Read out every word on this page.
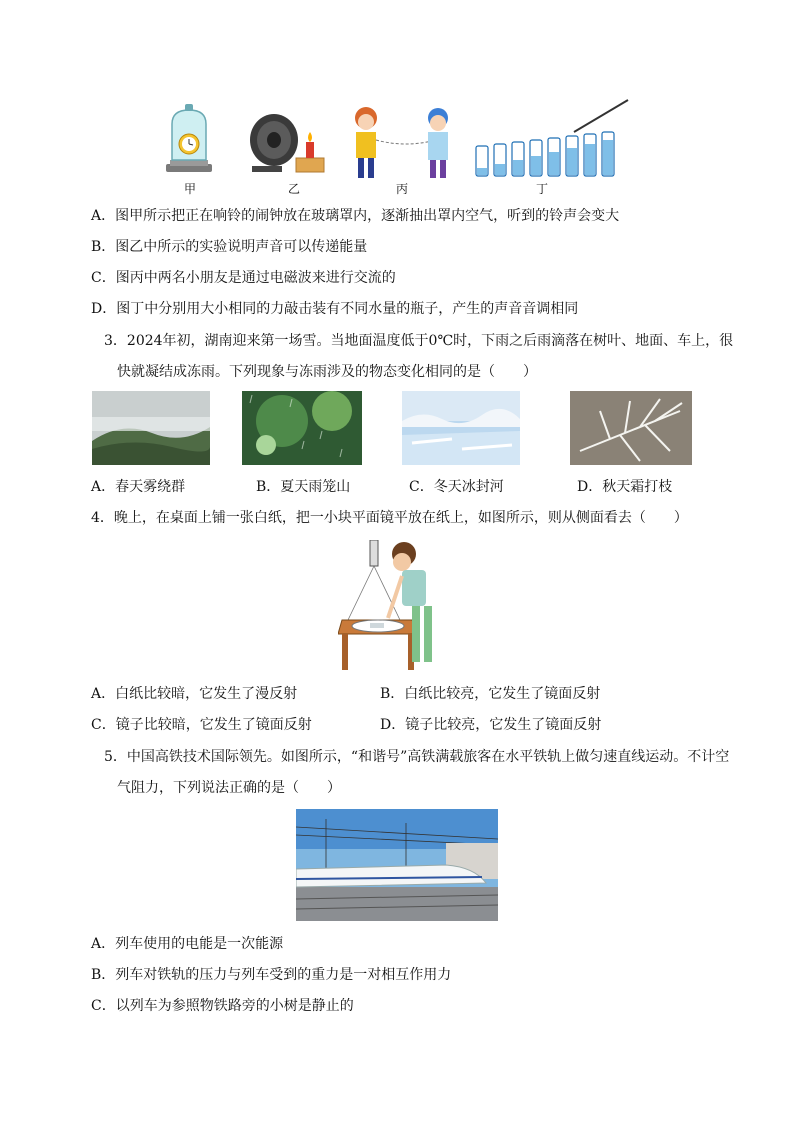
甲	乙	丙	丁
A．图甲所示把正在响铃的闹钟放在玻璃罩内，逐渐抽出罩内空气，听到的铃声会变大
B．图乙中所示的实验说明声音可以传递能量
C．图丙中两名小朋友是通过电磁波来进行交流的
D．图丁中分别用大小相同的力敲击装有不同水量的瓶子，产生的声音音调相同
3．2024年初，湖南迎来第一场雪。当地面温度低于0℃时，下雨之后雨滴落在树叶、地面、车上，很
快就凝结成冻雨。下列现象与冻雨涉及的物态变化相同的是（　　）
A．春天雾绕群	B．夏天雨笼山	C．冬天冰封河	D．秋天霜打枝
4．晚上，在桌面上铺一张白纸，把一小块平面镜平放在纸上，如图所示，则从侧面看去（　　）
A．白纸比较暗，它发生了漫反射	B．白纸比较亮，它发生了镜面反射
C．镜子比较暗，它发生了镜面反射	D．镜子比较亮，它发生了镜面反射
5．中国高铁技术国际领先。如图所示，“和谐号”高铁满载旅客在水平铁轨上做匀速直线运动。不计空
气阻力，下列说法正确的是（　　）
A．列车使用的电能是一次能源
B．列车对铁轨的压力与列车受到的重力是一对相互作用力
C．以列车为参照物铁路旁的小树是静止的
